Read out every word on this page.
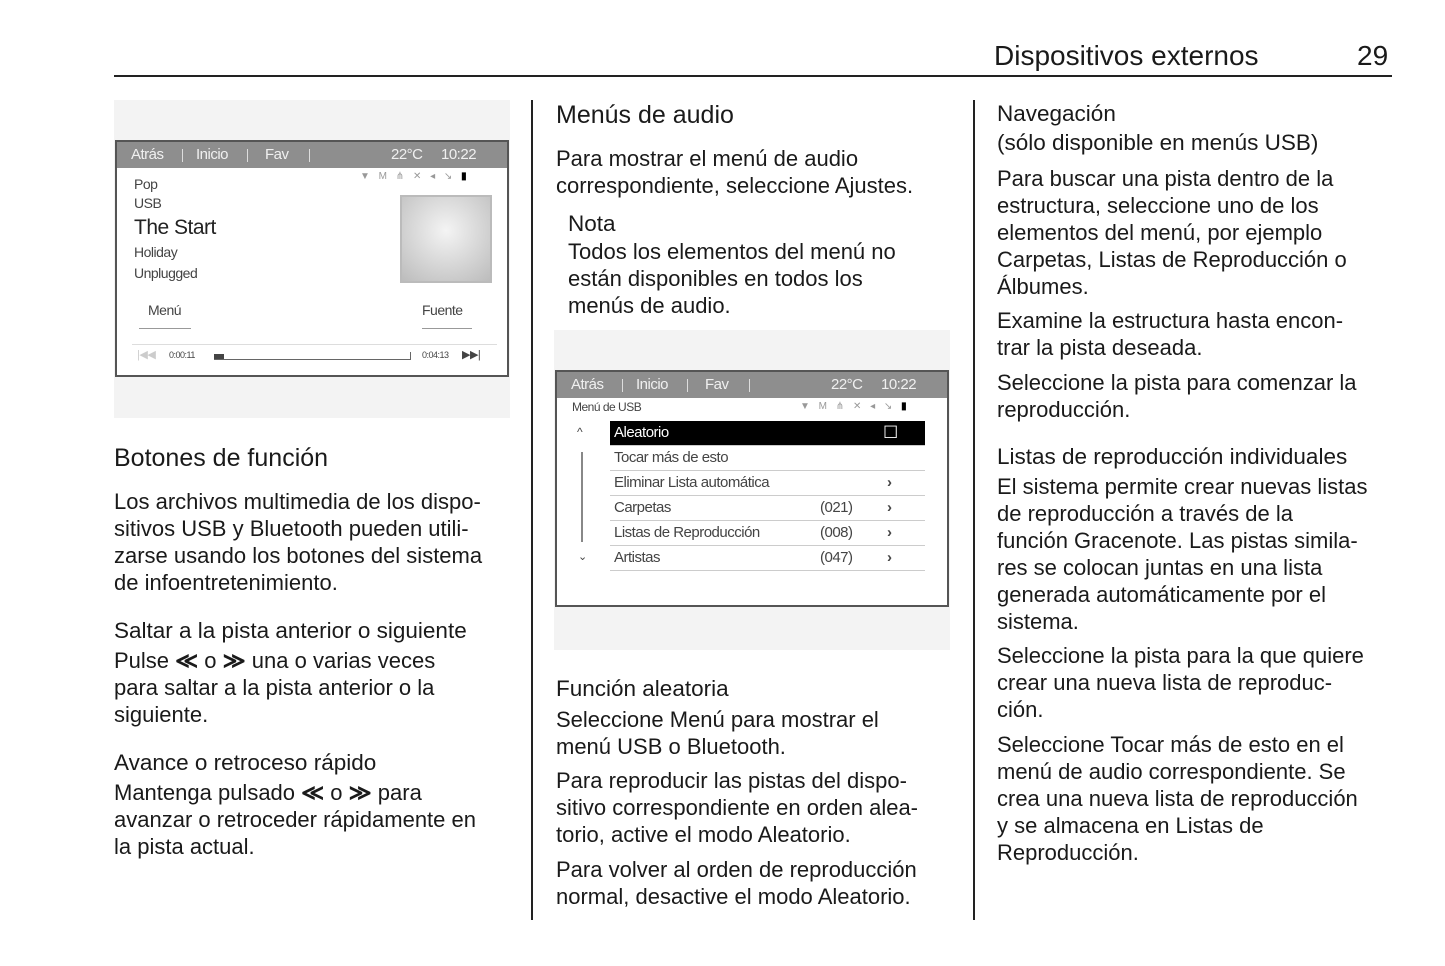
Dispositivos externos	29
Atrás Inicio Fav	22°C 10:22
▼ M ⋔ ✕ ◂ ↘ ▮
Pop
USB
The Start
Holiday
Unplugged
Menú	Fuente
|◀◀ 0:00:11	0:04:13 ▶▶|
Botones de función
Los archivos multimedia de los dispo-
sitivos USB y Bluetooth pueden utili-
zarse usando los botones del sistema
de infoentretenimiento.
Saltar a la pista anterior o siguiente
Pulse ≪ o ≫ una o varias veces
para saltar a la pista anterior o la
siguiente.
Avance o retroceso rápido
Mantenga pulsado ≪ o ≫ para
avanzar o retroceder rápidamente en
la pista actual.
Menús de audio
Para mostrar el menú de audio
correspondiente, seleccione Ajustes.
Nota
Todos los elementos del menú no
están disponibles en todos los
menús de audio.
Atrás Inicio Fav	22°C 10:22
Menú de USB	▼ M ⋔ ✕ ◂ ↘ ▮
^
⌄
Aleatorio	☐
Tocar más de esto
Eliminar Lista automática	›
Carpetas	(021) ›
Listas de Reproducción	(008) ›
Artistas	(047) ›
Función aleatoria
Seleccione Menú para mostrar el
menú USB o Bluetooth.
Para reproducir las pistas del dispo-
sitivo correspondiente en orden alea-
torio, active el modo Aleatorio.
Para volver al orden de reproducción
normal, desactive el modo Aleatorio.
Navegación
(sólo disponible en menús USB)
Para buscar una pista dentro de la
estructura, seleccione uno de los
elementos del menú, por ejemplo
Carpetas, Listas de Reproducción o
Álbumes.
Examine la estructura hasta encon-
trar la pista deseada.
Seleccione la pista para comenzar la
reproducción.
Listas de reproducción individuales
El sistema permite crear nuevas listas
de reproducción a través de la
función Gracenote. Las pistas simila-
res se colocan juntas en una lista
generada automáticamente por el
sistema.
Seleccione la pista para la que quiere
crear una nueva lista de reproduc-
ción.
Seleccione Tocar más de esto en el
menú de audio correspondiente. Se
crea una nueva lista de reproducción
y se almacena en Listas de
Reproducción.
